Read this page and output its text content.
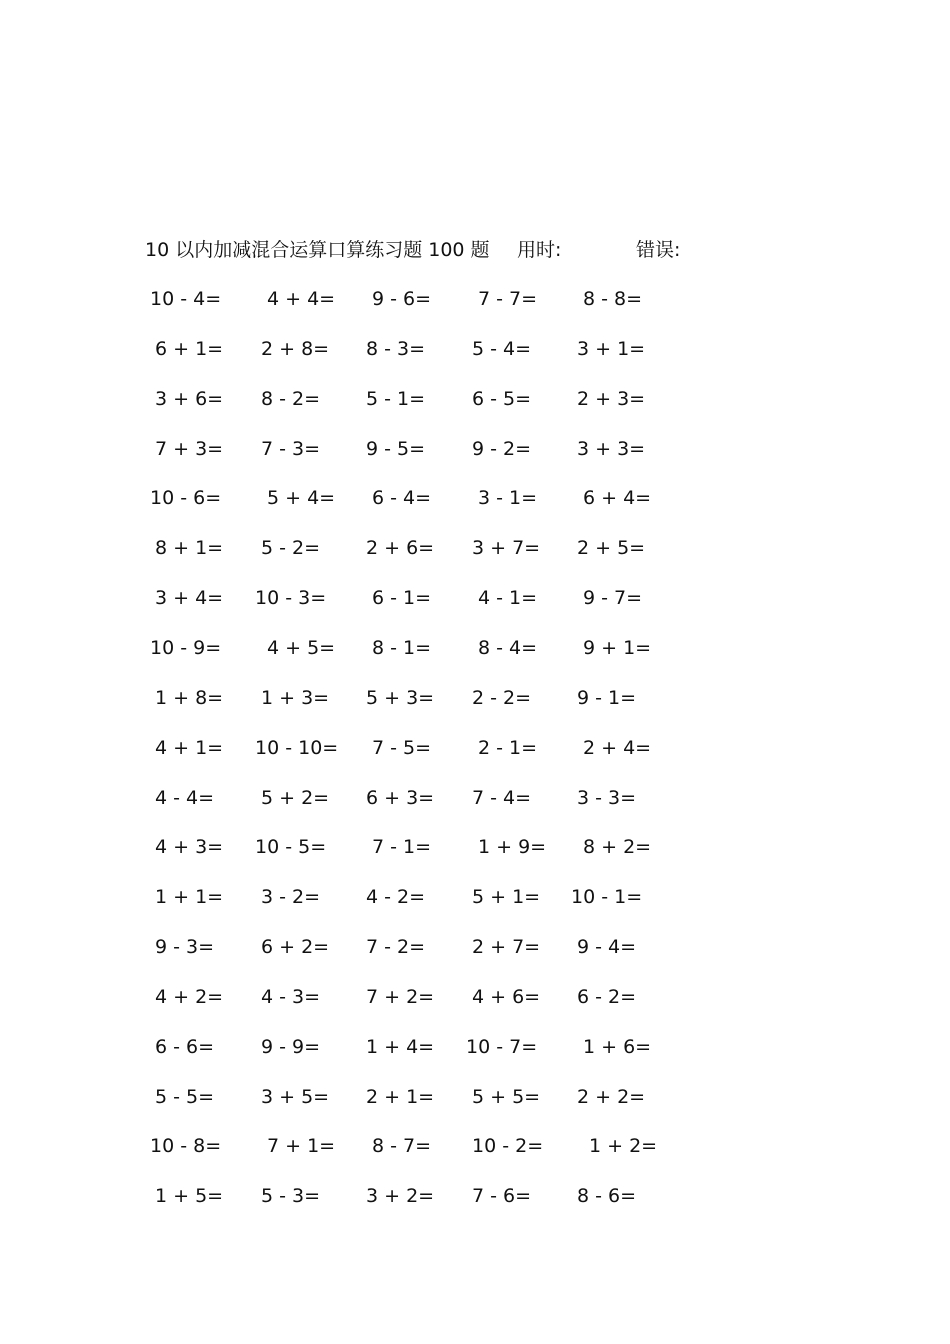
10 以内加减混合运算口算练习题 100 题 用时:	错误:
10 - 4= 4 + 4= 9 - 6= 7 - 7= 8 - 8=
6 + 1= 2 + 8= 8 - 3= 5 - 4= 3 + 1=
3 + 6= 8 - 2= 5 - 1= 6 - 5= 2 + 3=
7 + 3= 7 - 3= 9 - 5= 9 - 2= 3 + 3=
10 - 6= 5 + 4= 6 - 4= 3 - 1= 6 + 4=
8 + 1= 5 - 2= 2 + 6= 3 + 7= 2 + 5=
3 + 4= 10 - 3= 6 - 1= 4 - 1= 9 - 7=
10 - 9= 4 + 5= 8 - 1= 8 - 4= 9 + 1=
1 + 8= 1 + 3= 5 + 3= 2 - 2= 9 - 1=
4 + 1= 10 - 10= 7 - 5= 2 - 1= 2 + 4=
4 - 4= 5 + 2= 6 + 3= 7 - 4= 3 - 3=
4 + 3= 10 - 5= 7 - 1= 1 + 9= 8 + 2=
1 + 1= 3 - 2= 4 - 2= 5 + 1= 10 - 1=
9 - 3= 6 + 2= 7 - 2= 2 + 7= 9 - 4=
4 + 2= 4 - 3= 7 + 2= 4 + 6= 6 - 2=
6 - 6= 9 - 9= 1 + 4= 10 - 7= 1 + 6=
5 - 5= 3 + 5= 2 + 1= 5 + 5= 2 + 2=
10 - 8= 7 + 1= 8 - 7= 10 - 2= 1 + 2=
1 + 5= 5 - 3= 3 + 2= 7 - 6= 8 - 6=
